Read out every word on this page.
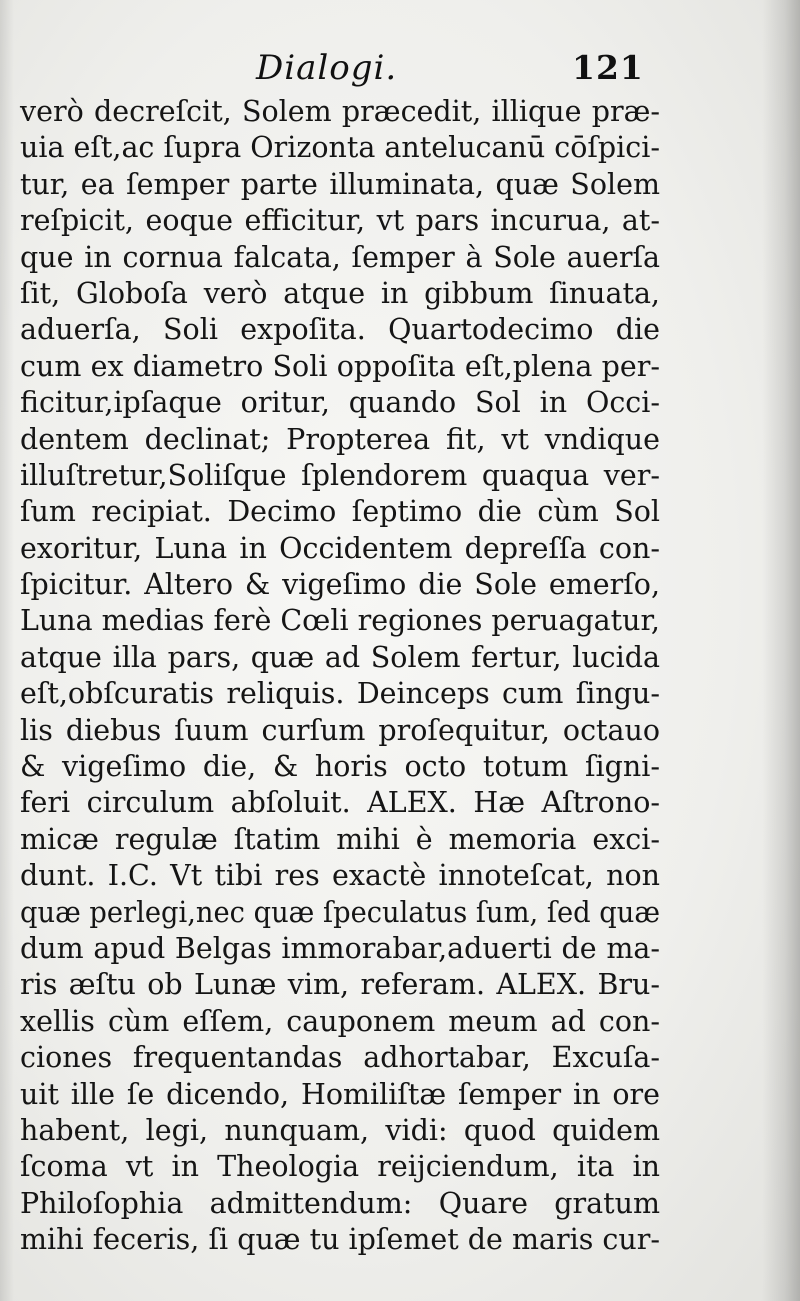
Dialogi.	121
verò decreſcit, Solem præcedit, illique præ-
uia eſt,ac ſupra Orizonta antelucanū cōſpici-
tur, ea ſemper parte illuminata, quæ Solem
reſpicit, eoque efficitur, vt pars incurua, at-
que in cornua falcata, ſemper à Sole auerſa
ſit, Globoſa verò atque in gibbum ſinuata,
aduerſa, Soli expoſita. Quartodecimo die
cum ex diametro Soli oppoſita eſt,plena per-
ficitur,ipſaque oritur, quando Sol in Occi-
dentem declinat; Propterea fit, vt vndique
illuſtretur,Soliſque ſplendorem quaqua ver-
ſum recipiat. Decimo ſeptimo die cùm Sol
exoritur, Luna in Occidentem depreſſa con-
ſpicitur. Altero & vigeſimo die Sole emerſo,
Luna medias ferè Cœli regiones peruagatur,
atque illa pars, quæ ad Solem fertur, lucida
eſt,obſcuratis reliquis. Deinceps cum ſingu-
lis diebus ſuum curſum proſequitur, octauo
& vigeſimo die, & horis octo totum ſigni-
feri circulum abſoluit. ALEX. Hæ Aſtrono-
micæ regulæ ſtatim mihi è memoria exci-
dunt. I.C. Vt tibi res exactè innoteſcat, non
quæ perlegi,nec quæ ſpeculatus ſum, ſed quæ
dum apud Belgas immorabar,aduerti de ma-
ris æſtu ob Lunæ vim, referam. ALEX. Bru-
xellis cùm eſſem, cauponem meum ad con-
ciones frequentandas adhortabar, Excuſa-
uit ille ſe dicendo, Homiliſtæ ſemper in ore
habent, legi, nunquam, vidi: quod quidem
ſcoma vt in Theologia reijciendum, ita in
Philoſophia admittendum: Quare gratum
mihi feceris, ſi quæ tu ipſemet de maris cur-
